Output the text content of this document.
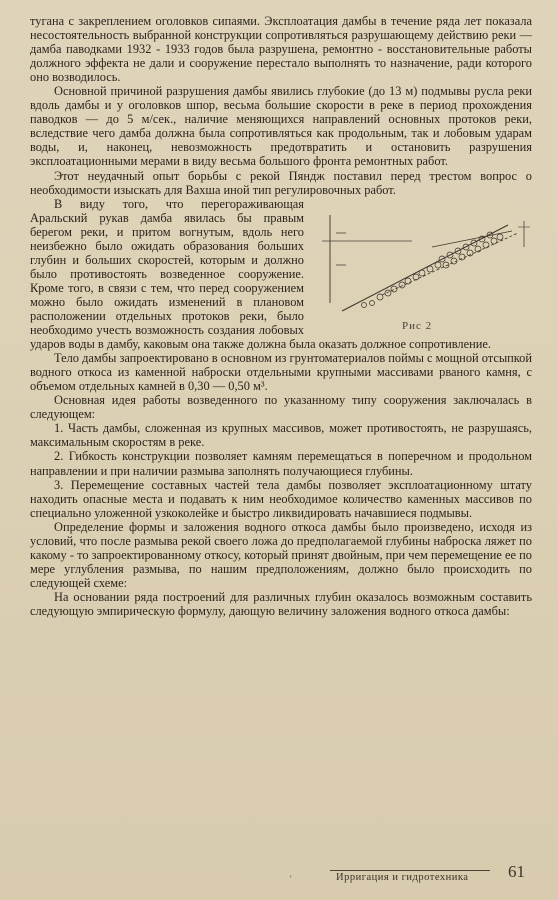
тугана с закреплением оголовков сипаями. Эксплоатация дамбы в течение ряда лет показала несостоятельность выбранной конструкции сопротивляться разрушающему действию реки — дамба паводками 1932 - 1933 годов была разрушена, ремонтно - восстановительные работы должного эффекта не дали и сооружение перестало выполнять то назначение, ради которого оно возводилось.

Основной причиной разрушения дамбы явились глубокие (до 13 м) подмывы русла реки вдоль дамбы и у оголовков шпор, весьма большие скорости в реке в период прохождения паводков — до 5 м/сек., наличие меняющихся направлений основных протоков реки, вследствие чего дамба должна была сопротивляться как продольным, так и лобовым ударам воды, и, наконец, невозможность предотвратить и остановить разрушения эксплоатационными мерами в виду весьма большого фронта ремонтных работ.

Этот неудачный опыт борьбы с рекой Пяндж поставил перед трестом вопрос о необходимости изыскать для Вахша иной тип регулировочных работ.

Рис 2

В виду того, что перегораживающая Аральский рукав дамба явилась бы правым берегом реки, и притом вогнутым, вдоль него неизбежно было ожидать образования больших глубин и больших скоростей, которым и должно было противостоять возведенное сооружение. Кроме того, в связи с тем, что перед сооружением можно было ожидать изменений в плановом расположении отдельных протоков реки, было необходимо учесть возможность создания лобовых ударов воды в дамбу, каковым она также должна была оказать должное сопротивление.

Тело дамбы запроектировано в основном из грунтоматериалов поймы с мощной отсыпкой водного откоса из каменной наброски отдельными крупными массивами рваного камня, с объемом отдельных камней в 0,30 — 0,50 м³.

Основная идея работы возведенного по указанному типу сооружения заключалась в следующем:

1. Часть дамбы, сложенная из крупных массивов, может противостоять, не разрушаясь, максимальным скоростям в реке.

2. Гибкость конструкции позволяет камням перемещаться в поперечном и продольном направлении и при наличии размыва заполнять получающиеся глубины.

3. Перемещение составных частей тела дамбы позволяет эксплоатационному штату находить опасные места и подавать к ним необходимое количество каменных массивов по специально уложенной узкоколейке и быстро ликвидировать начавшиеся подмывы.

Определение формы и заложения водного откоса дамбы было произведено, исходя из условий, что после размыва рекой своего ложа до предполагаемой глубины наброска ляжет по какому - то запроектированному откосу, который принят двойным, при чем перемещение ее по мере углубления размыва, по нашим предположениям, должно было происходить по следующей схеме:

На основании ряда построений для различных глубин оказалось возможным составить следующую эмпирическую формулу, дающую величину заложения водного откоса дамбы:

'	Ирригация и гидротехника 61
